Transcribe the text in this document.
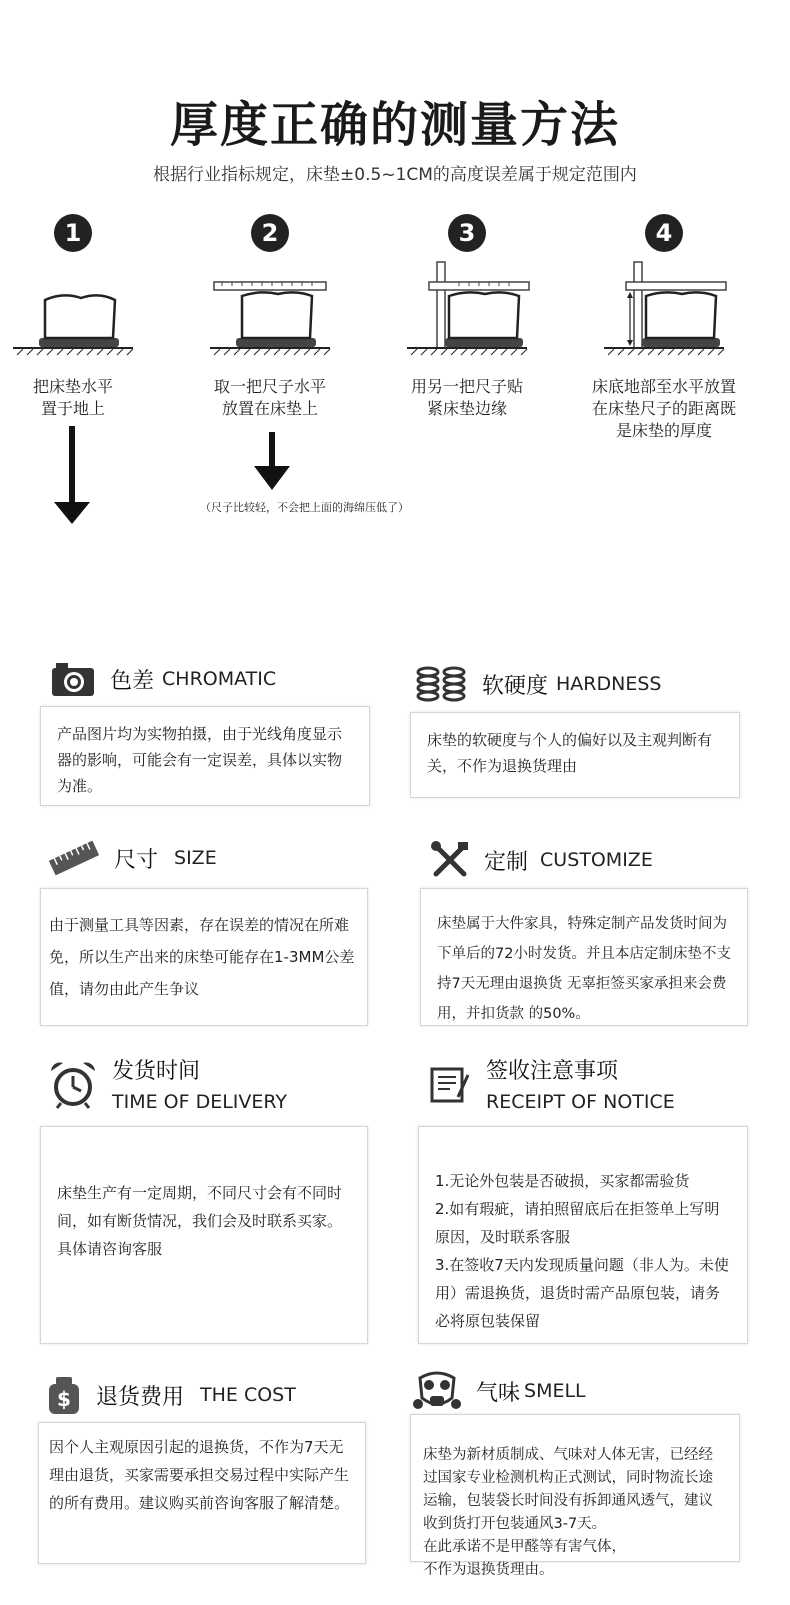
厚度正确的测量方法
根据行业指标规定，床垫±0.5~1CM的高度误差属于规定范围内
1
把床垫水平
置于地上
2
取一把尺子水平
放置在床垫上
3
用另一把尺子贴
紧床垫边缘
4
床底地部至水平放置
在床垫尺子的距离既
是床垫的厚度
（尺子比较轻，不会把上面的海绵压低了）
色差 CHROMATIC
产品图片均为实物拍摄，由于光线角度显示器的影响，可能会有一定误差，具体以实物为准。
软硬度 HARDNESS
床垫的软硬度与个人的偏好以及主观判断有关，不作为退换货理由
尺寸 SIZE
由于测量工具等因素，存在误差的情况在所难免，所以生产出来的床垫可能存在1-3MM公差值，请勿由此产生争议
定制 CUSTOMIZE
床垫属于大件家具，特殊定制产品发货时间为下单后的72小时发货。并且本店定制床垫不支持7天无理由退换货 无辜拒签买家承担来会费用，并扣货款 的50%。
发货时间
TIME OF DELIVERY
床垫生产有一定周期，不同尺寸会有不同时间，如有断货情况，我们会及时联系买家。具体请咨询客服
签收注意事项
RECEIPT OF NOTICE

1.无论外包装是否破损，买家都需验货
2.如有瑕疵，请拍照留底后在拒签单上写明原因，及时联系客服
3.在签收7天内发现质量问题（非人为。未使用）需退换货，退货时需产品原包装，请务必将原包装保留

$ 退货费用 THE COST
因个人主观原因引起的退换货，不作为7天无理由退货，买家需要承担交易过程中实际产生的所有费用。建议购买前咨询客服了解清楚。
气味 SMELL

床垫为新材质制成、气味对人体无害，已经经过国家专业检测机构正式测试，同时物流长途运输，包装袋长时间没有拆卸通风透气，建议收到货打开包装通风3-7天。
在此承诺不是甲醛等有害气体，
不作为退换货理由。
